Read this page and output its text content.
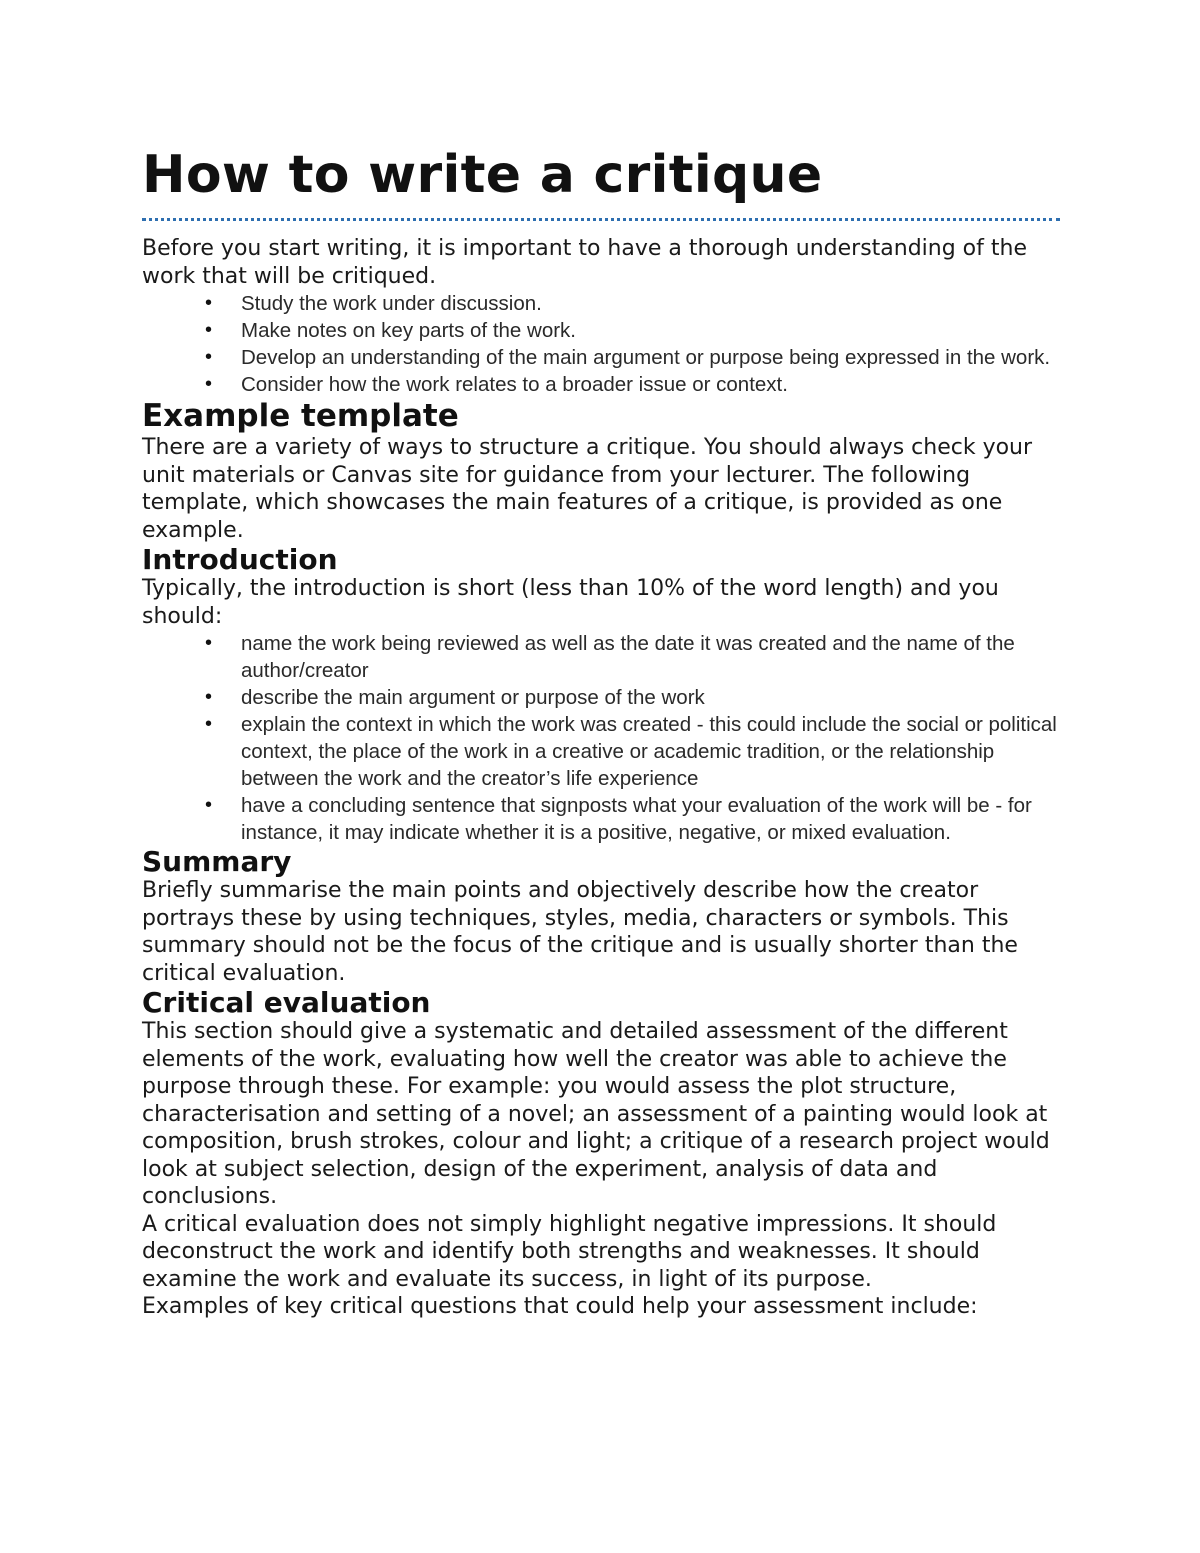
How to write a critique

Before you start writing, it is important to have a thorough understanding of the work that will be critiqued.

• Study the work under discussion.
• Make notes on key parts of the work.
• Develop an understanding of the main argument or purpose being expressed in the work.
• Consider how the work relates to a broader issue or context.
Example template

There are a variety of ways to structure a critique. You should always check your unit materials or Canvas site for guidance from your lecturer. The following template, which showcases the main features of a critique, is provided as one example.

Introduction

Typically, the introduction is short (less than 10% of the word length) and you should:

• name the work being reviewed as well as the date it was created and the name of the author/creator
• describe the main argument or purpose of the work
• explain the context in which the work was created - this could include the social or political context, the place of the work in a creative or academic tradition, or the relationship between the work and the creator’s life experience
• have a concluding sentence that signposts what your evaluation of the work will be - for instance, it may indicate whether it is a positive, negative, or mixed evaluation.
Summary

Briefly summarise the main points and objectively describe how the creator portrays these by using techniques, styles, media, characters or symbols. This summary should not be the focus of the critique and is usually shorter than the critical evaluation.

Critical evaluation

This section should give a systematic and detailed assessment of the different elements of the work, evaluating how well the creator was able to achieve the purpose through these. For example: you would assess the plot structure, characterisation and setting of a novel; an assessment of a painting would look at composition, brush strokes, colour and light; a critique of a research project would look at subject selection, design of the experiment, analysis of data and conclusions.

A critical evaluation does not simply highlight negative impressions. It should deconstruct the work and identify both strengths and weaknesses. It should examine the work and evaluate its success, in light of its purpose.

Examples of key critical questions that could help your assessment include:
